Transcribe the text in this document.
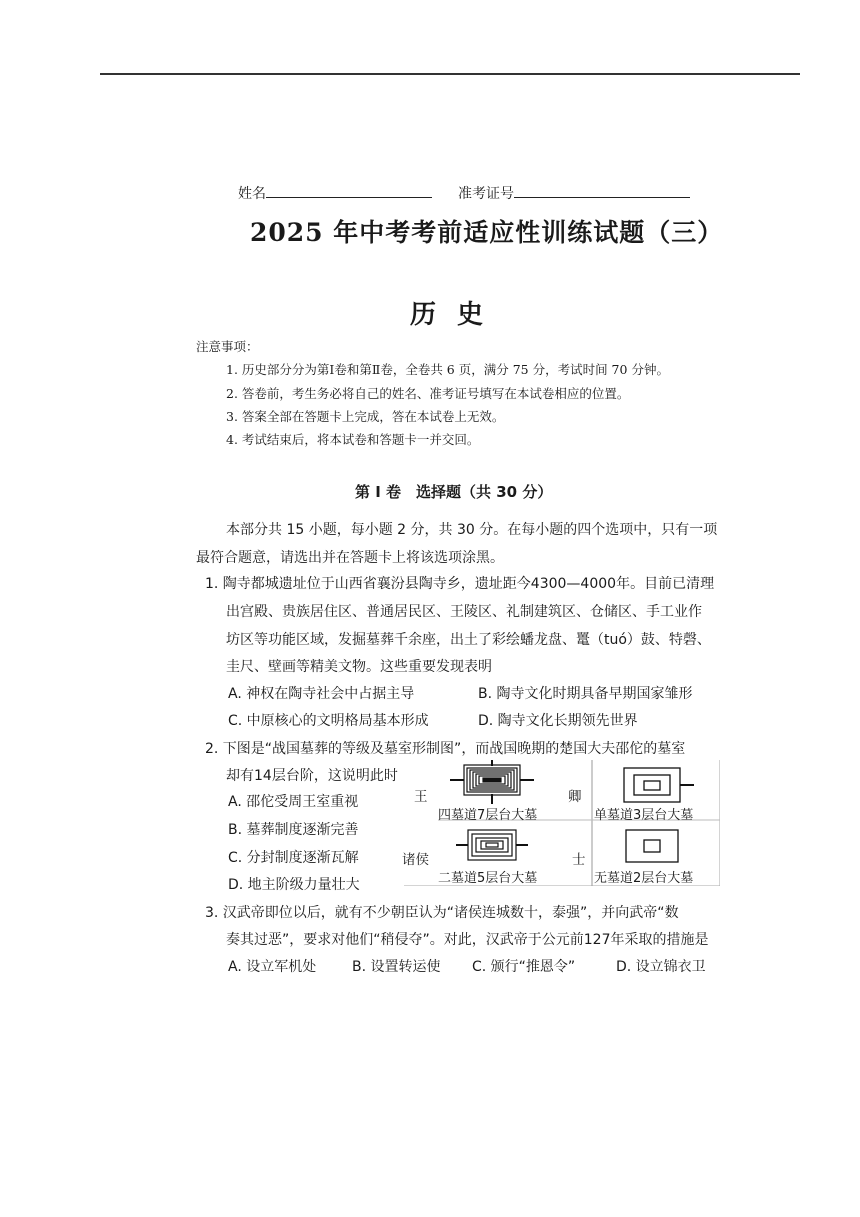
姓名	准考证号
2025 年中考考前适应性训练试题（三）
历 史
注意事项：
1. 历史部分分为第Ⅰ卷和第Ⅱ卷，全卷共 6 页，满分 75 分，考试时间 70 分钟。
2. 答卷前，考生务必将自己的姓名、准考证号填写在本试卷相应的位置。
3. 答案全部在答题卡上完成，答在本试卷上无效。
4. 考试结束后，将本试卷和答题卡一并交回。
第 I 卷　选择题（共 30 分）
本部分共 15 小题，每小题 2 分，共 30 分。在每小题的四个选项中，只有一项
最符合题意，请选出并在答题卡上将该选项涂黑。
1. 陶寺都城遗址位于山西省襄汾县陶寺乡，遗址距今4300—4000年。目前已清理
出宫殿、贵族居住区、普通居民区、王陵区、礼制建筑区、仓储区、手工业作
坊区等功能区域，发掘墓葬千余座，出土了彩绘蟠龙盘、鼍（tuó）鼓、特磬、
圭尺、壁画等精美文物。这些重要发现表明
A. 神权在陶寺社会中占据主导	B. 陶寺文化时期具备早期国家雏形
C. 中原核心的文明格局基本形成	D. 陶寺文化长期领先世界
2. 下图是“战国墓葬的等级及墓室形制图”，而战国晚期的楚国大夫邵佗的墓室
却有14层台阶，这说明此时
A. 邵佗受周王室重视
B. 墓葬制度逐渐完善
C. 分封制度逐渐瓦解
D. 地主阶级力量壮大
王	卿
诸侯	士
四墓道7层台大墓	单墓道3层台大墓
二墓道5层台大墓	无墓道2层台大墓
3. 汉武帝即位以后，就有不少朝臣认为“诸侯连城数十，泰强”，并向武帝“数
奏其过恶”，要求对他们“稍侵夺”。对此，汉武帝于公元前127年采取的措施是
A. 设立军机处	B. 设置转运使 C. 颁行“推恩令”	D. 设立锦衣卫
